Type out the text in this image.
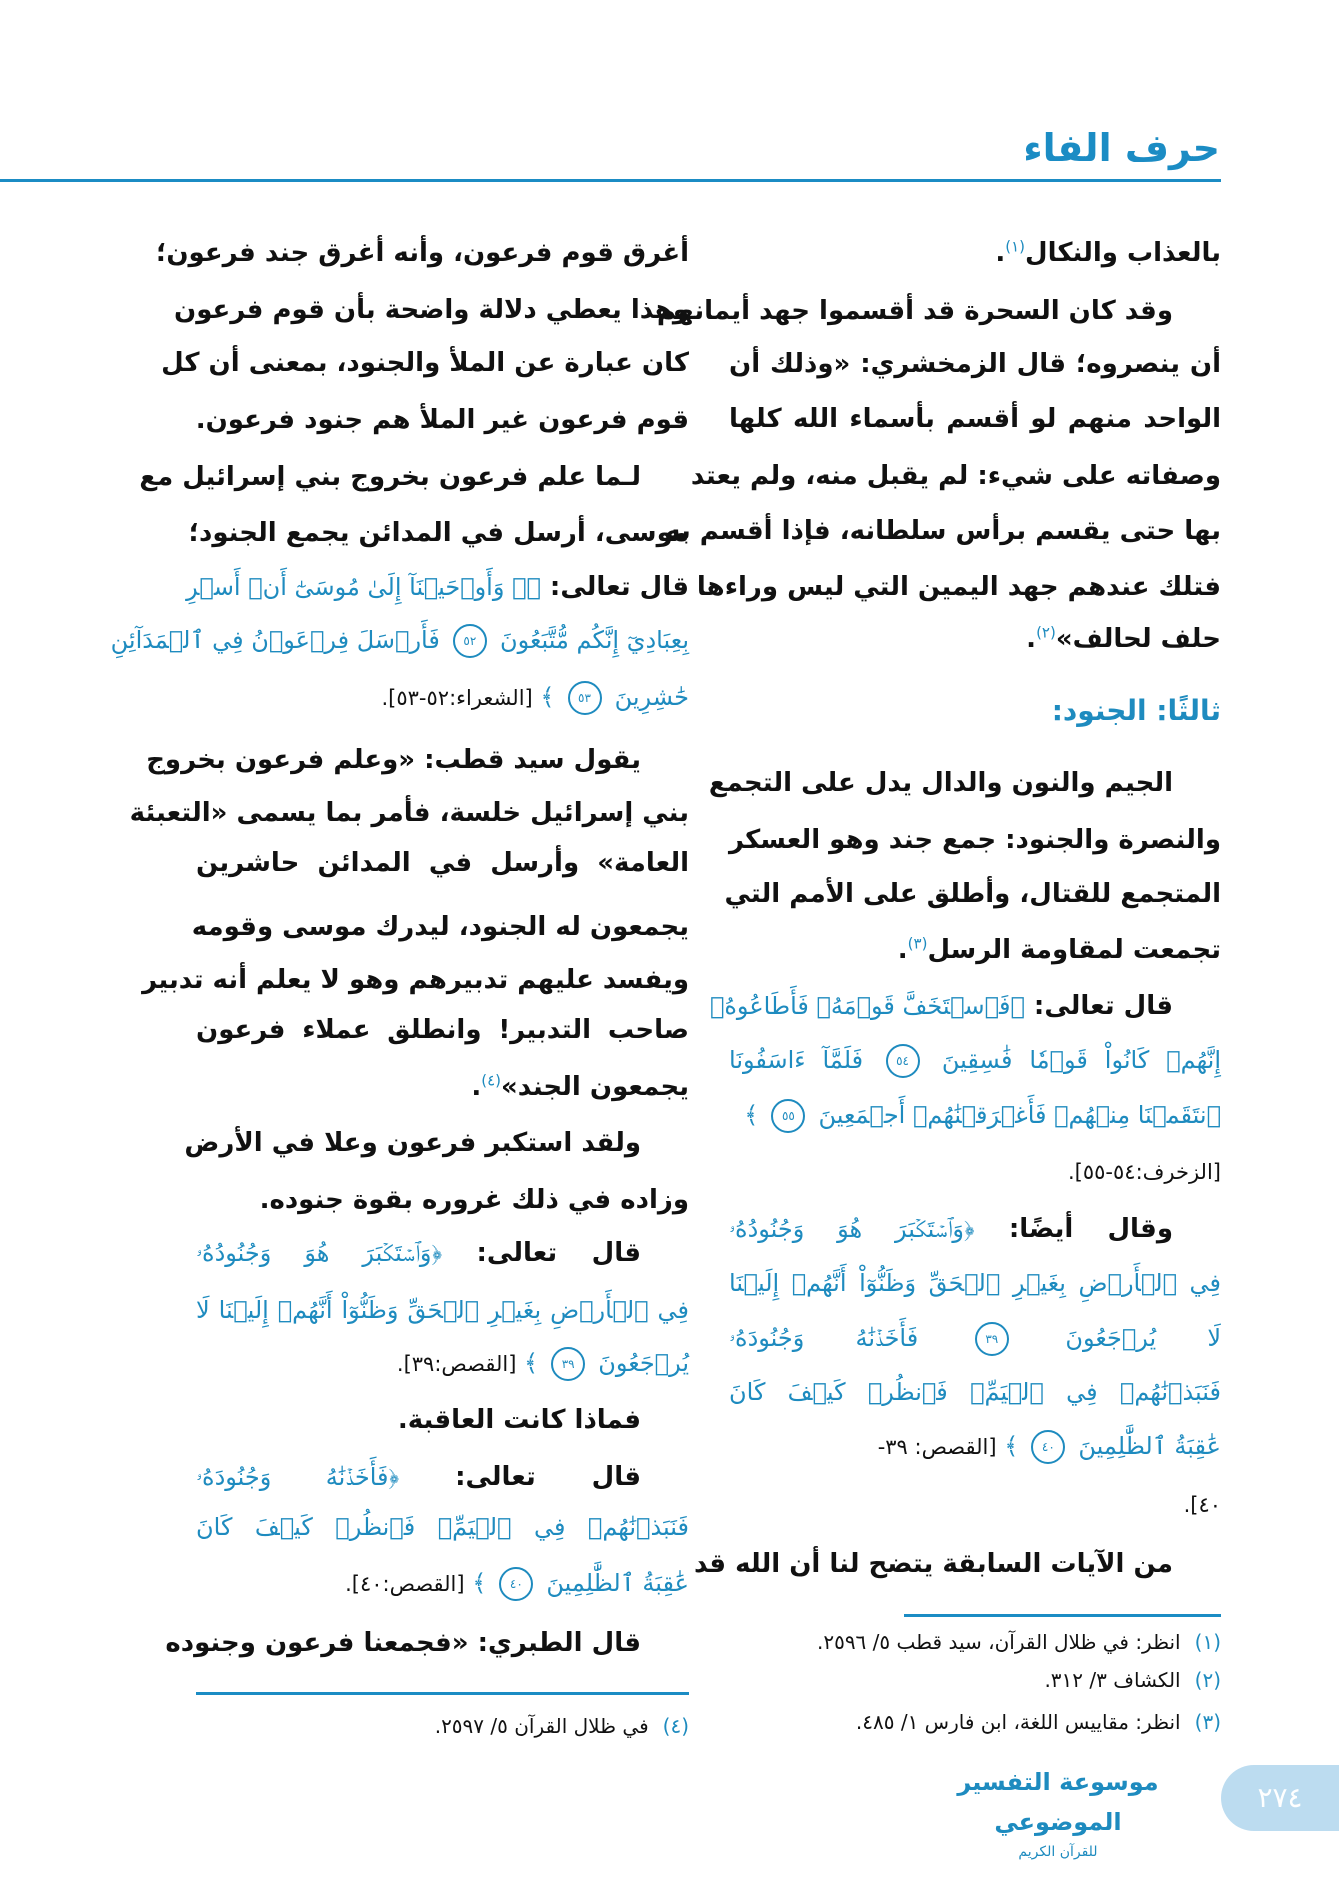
حرف الفاء
بالعذاب والنكال$^{(١)}$.
وقد كان السحرة قد أقسموا جهد أيمانهم
أن ينصروه؛ قال الزمخشري: «وذلك أن
الواحد منهم لو أقسم بأسماء الله كلها
وصفاته على شيء: لم يقبل منه، ولم يعتد
بها حتى يقسم برأس سلطانه، فإذا أقسم به
فتلك عندهم جهد اليمين التي ليس وراءها
حلف لحالف»$^{(٢)}$.
ثالثًا: الجنود:
الجيم والنون والدال يدل على التجمع
والنصرة والجنود: جمع جند وهو العسكر
المتجمع للقتال، وأطلق على الأمم التي
تجمعت لمقاومة الرسل$^{(٣)}$.
قال تعالى: ﴿فَٱسۡتَخَفَّ قَوۡمَهُۥ فَأَطَاعُوهُۚ
إِنَّهُمۡ كَانُواْ قَوۡمٗا فَٰسِقِينَ ٥٤ فَلَمَّآ ءَاسَفُونَا
ٱنتَقَمۡنَا مِنۡهُمۡ فَأَغۡرَقۡنَٰهُمۡ أَجۡمَعِينَ ٥٥ ﴾
[الزخرف:٥٤-٥٥].
وقال أيضًا: ﴿وَٱسۡتَكۡبَرَ هُوَ وَجُنُودُهُۥ
فِي ٱلۡأَرۡضِ بِغَيۡرِ ٱلۡحَقِّ وَظَنُّوٓاْ أَنَّهُمۡ إِلَيۡنَا
لَا يُرۡجَعُونَ ٣٩ فَأَخَذۡنَٰهُ وَجُنُودَهُۥ
فَنَبَذۡنَٰهُمۡ فِي ٱلۡيَمِّۖ فَٱنظُرۡ كَيۡفَ كَانَ
عَٰقِبَةُ ٱلظَّٰلِمِينَ ٤٠ ﴾ [القصص: ٣٩-
٤٠].
من الآيات السابقة يتضح لنا أن الله قد
أغرق قوم فرعون، وأنه أغرق جند فرعون؛
وهذا يعطي دلالة واضحة بأن قوم فرعون
كان عبارة عن الملأ والجنود، بمعنى أن كل
قوم فرعون غير الملأ هم جنود فرعون.
لـما علم فرعون بخروج بني إسرائيل مع
موسى، أرسل في المدائن يجمع الجنود؛
قال تعالى: ﴿۞ وَأَوۡحَيۡنَآ إِلَىٰ مُوسَىٰٓ أَنۡ أَسۡرِ
بِعِبَادِيٓ إِنَّكُم مُّتَّبَعُونَ ٥٢ فَأَرۡسَلَ فِرۡعَوۡنُ فِي ٱلۡمَدَآئِنِ
حَٰشِرِينَ ٥٣ ﴾ [الشعراء:٥٢-٥٣].
يقول سيد قطب: «وعلم فرعون بخروج
بني إسرائيل خلسة، فأمر بما يسمى «التعبئة
العامة» وأرسل في المدائن حاشرين
يجمعون له الجنود، ليدرك موسى وقومه
ويفسد عليهم تدبيرهم وهو لا يعلم أنه تدبير
صاحب التدبير! وانطلق عملاء فرعون
يجمعون الجند»$^{(٤)}$.
ولقد استكبر فرعون وعلا في الأرض
وزاده في ذلك غروره بقوة جنوده.
قال تعالى: ﴿وَٱسۡتَكۡبَرَ هُوَ وَجُنُودُهُۥ
فِي ٱلۡأَرۡضِ بِغَيۡرِ ٱلۡحَقِّ وَظَنُّوٓاْ أَنَّهُمۡ إِلَيۡنَا لَا
يُرۡجَعُونَ ٣٩ ﴾ [القصص:٣٩].
فماذا كانت العاقبة.
قال تعالى: ﴿فَأَخَذۡنَٰهُ وَجُنُودَهُۥ
فَنَبَذۡنَٰهُمۡ فِي ٱلۡيَمِّۖ فَٱنظُرۡ كَيۡفَ كَانَ
عَٰقِبَةُ ٱلظَّٰلِمِينَ ٤٠ ﴾ [القصص:٤٠].
قال الطبري: «فجمعنا فرعون وجنوده	(١)انظر: في ظلال القرآن، سيد قطب ٥/ ٢٥٩٦.
(٢)الكشاف ٣/ ٣١٢.
(٣)انظر: مقاييس اللغة، ابن فارس ١/ ٤٨٥.
(٤)في ظلال القرآن ٥/ ٢٥٩٧.
موسوعة التفسير الموضوعي
للقرآن الكريم
٢٧٤
